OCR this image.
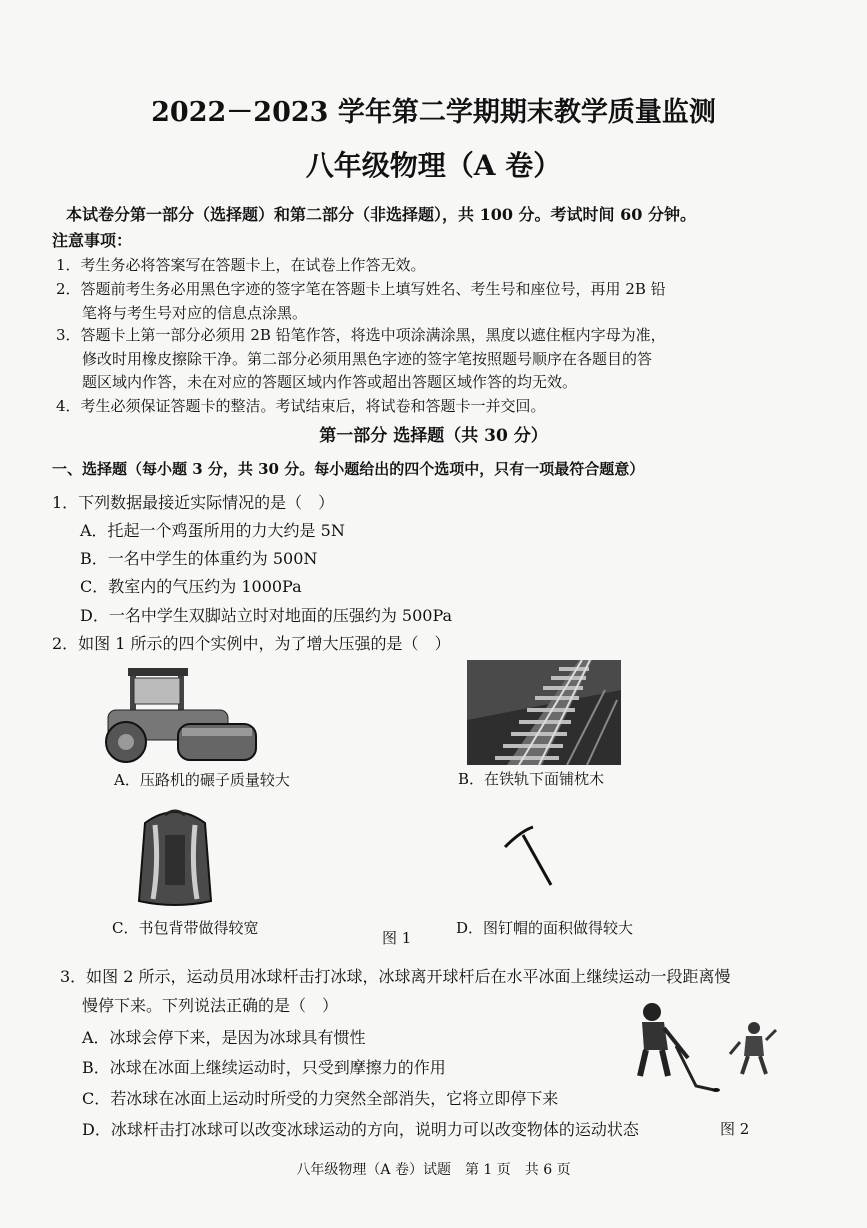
2022－2023 学年第二学期期末教学质量监测
八年级物理（A 卷）
本试卷分第一部分（选择题）和第二部分（非选择题），共 100 分。考试时间 60 分钟。
注意事项：
1．考生务必将答案写在答题卡上，在试卷上作答无效。
2．答题前考生务必用黑色字迹的签字笔在答题卡上填写姓名、考生号和座位号，再用 2B 铅
笔将与考生号对应的信息点涂黑。
3．答题卡上第一部分必须用 2B 铅笔作答，将选中项涂满涂黑，黑度以遮住框内字母为准，
修改时用橡皮擦除干净。第二部分必须用黑色字迹的签字笔按照题号顺序在各题目的答
题区域内作答，未在对应的答题区域内作答或超出答题区域作答的均无效。
4．考生必须保证答题卡的整洁。考试结束后，将试卷和答题卡一并交回。
第一部分 选择题（共 30 分）
一、选择题（每小题 3 分，共 30 分。每小题给出的四个选项中，只有一项最符合题意）
1．下列数据最接近实际情况的是（　）
A．托起一个鸡蛋所用的力大约是 5N
B．一名中学生的体重约为 500N
C．教室内的气压约为 1000Pa
D．一名中学生双脚站立时对地面的压强约为 500Pa
2．如图 1 所示的四个实例中，为了增大压强的是（　）
A．压路机的碾子质量较大	B．在铁轨下面铺枕木
C．书包背带做得较宽
图 1
D．图钉帽的面积做得较大
3．如图 2 所示，运动员用冰球杆击打冰球，冰球离开球杆后在水平冰面上继续运动一段距离慢
慢停下来。下列说法正确的是（　）
A．冰球会停下来，是因为冰球具有惯性
B．冰球在冰面上继续运动时，只受到摩擦力的作用
C．若冰球在冰面上运动时所受的力突然全部消失，它将立即停下来
D．冰球杆击打冰球可以改变冰球运动的方向，说明力可以改变物体的运动状态	图 2
八年级物理（A 卷）试题　第 1 页　共 6 页
